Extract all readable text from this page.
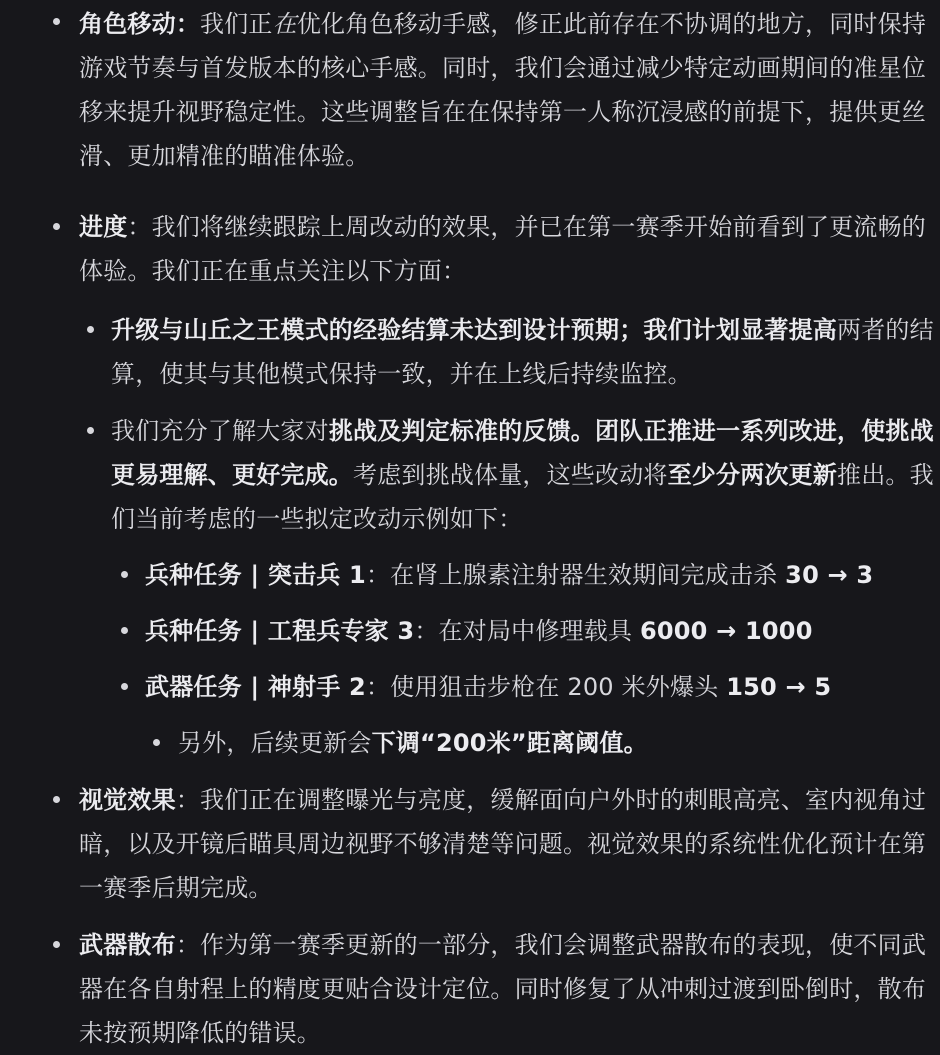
角色移动：我们正在优化角色移动手感，修正此前存在不协调的地方，同时保持游戏节奏与首发版本的核心手感。同时，我们会通过减少特定动画期间的准星位移来提升视野稳定性。这些调整旨在在保持第一人称沉浸感的前提下，提供更丝滑、更加精准的瞄准体验。
进度：我们将继续跟踪上周改动的效果，并已在第一赛季开始前看到了更流畅的体验。我们正在重点关注以下方面：
升级与山丘之王模式的经验结算未达到设计预期；我们计划显著提高两者的结算，使其与其他模式保持一致，并在上线后持续监控。
我们充分了解大家对挑战及判定标准的反馈。团队正推进一系列改进，使挑战更易理解、更好完成。考虑到挑战体量，这些改动将至少分两次更新推出。我们当前考虑的一些拟定改动示例如下：
兵种任务 | 突击兵 1：在肾上腺素注射器生效期间完成击杀 30 → 3
兵种任务 | 工程兵专家 3：在对局中修理载具 6000 → 1000
武器任务 | 神射手 2：使用狙击步枪在 200 米外爆头 150 → 5
另外，后续更新会下调“200米”距离阈值。
视觉效果：我们正在调整曝光与亮度，缓解面向户外时的刺眼高亮、室内视角过暗，以及开镜后瞄具周边视野不够清楚等问题。视觉效果的系统性优化预计在第一赛季后期完成。
武器散布：作为第一赛季更新的一部分，我们会调整武器散布的表现，使不同武器在各自射程上的精度更贴合设计定位。同时修复了从冲刺过渡到卧倒时，散布未按预期降低的错误。
